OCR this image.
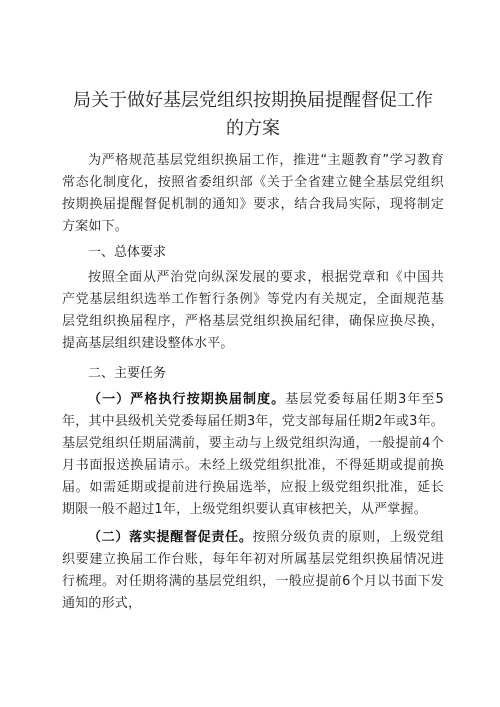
局关于做好基层党组织按期换届提醒督促工作
的方案

为严格规范基层党组织换届工作，推进“主题教育”学习教育常态化制度化，按照省委组织部《关于全省建立健全基层党组织按期换届提醒督促机制的通知》要求，结合我局实际，现将制定方案如下。

一、总体要求

按照全面从严治党向纵深发展的要求，根据党章和《中国共产党基层组织选举工作暂行条例》等党内有关规定，全面规范基层党组织换届程序，严格基层党组织换届纪律，确保应换尽换，提高基层组织建设整体水平。

二、主要任务

（一）严格执行按期换届制度。基层党委每届任期3年至5年，其中县级机关党委每届任期3年，党支部每届任期2年或3年。基层党组织任期届满前，要主动与上级党组织沟通，一般提前4个月书面报送换届请示。未经上级党组织批准，不得延期或提前换届。如需延期或提前进行换届选举，应报上级党组织批准，延长期限一般不超过1年，上级党组织要认真审核把关，从严掌握。

（二）落实提醒督促责任。按照分级负责的原则，上级党组织要建立换届工作台账，每年年初对所属基层党组织换届情况进行梳理。对任期将满的基层党组织，一般应提前6个月以书面下发通知的形式，
